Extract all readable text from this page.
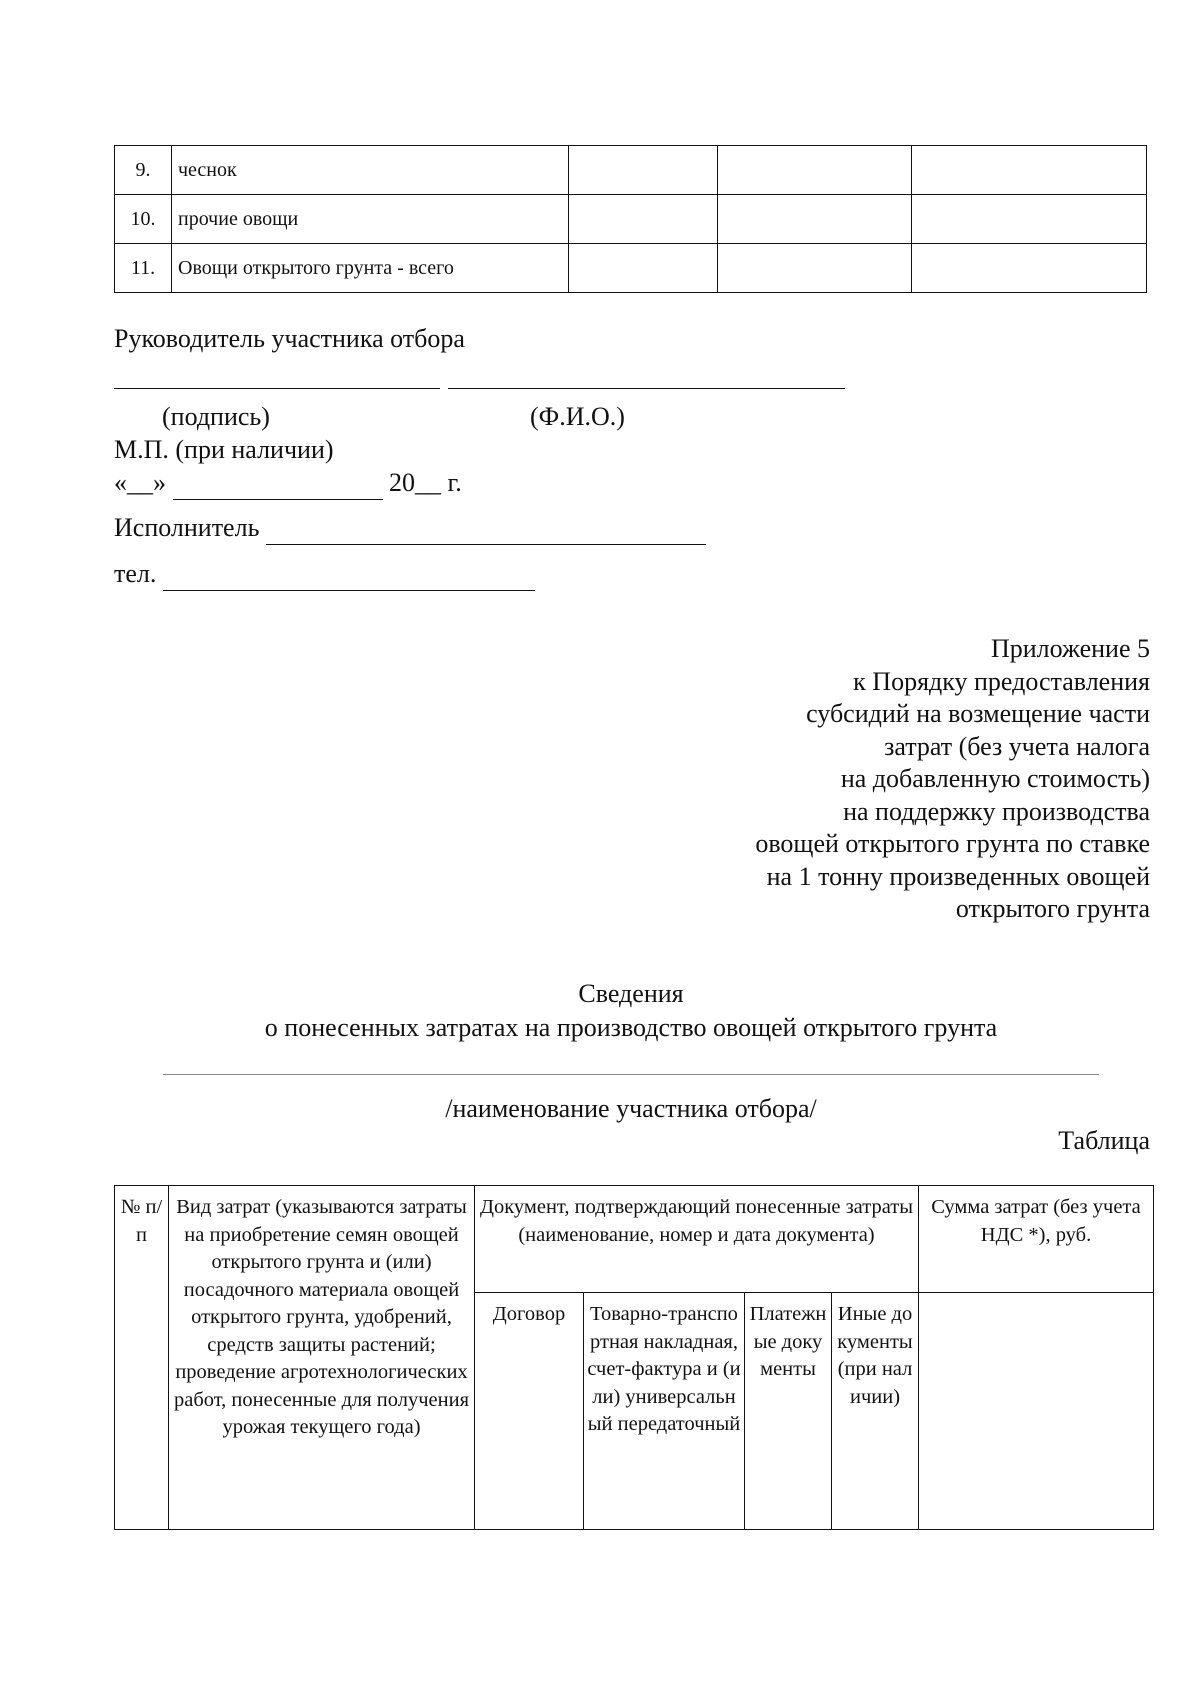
9.	чеснок			
10.	прочие овощи			
11.	Овощи открытого грунта - всего			
Руководитель участника отбора
(подпись)	(Ф.И.О.)
М.П. (при наличии)
«__»	20__ г.
Исполнитель
тел.
Приложение 5
к Порядку предоставления
субсидий на возмещение части
затрат (без учета налога
на добавленную стоимость)
на поддержку производства
овощей открытого грунта по ставке
на 1 тонну произведенных овощей
открытого грунта
Сведения
о понесенных затратах на производство овощей открытого грунта
/наименование участника отбора/
Таблица
№ п/п	Вид затрат (указываются затраты на приобретение семян овощей открытого грунта и (или) посадочного материала овощей открытого грунта, удобрений, средств защиты растений; проведение агротехнологических работ, понесенные для получения урожая текущего года)	Документ, подтверждающий понесенные затраты (наименование, номер и дата документа)				Сумма затрат (без учета НДС *), руб.
		Договор	Товарно-транспортная накладная, счет-фактура и (или) универсальный передаточный	Платежные документы	Иные документы (при наличии)	
